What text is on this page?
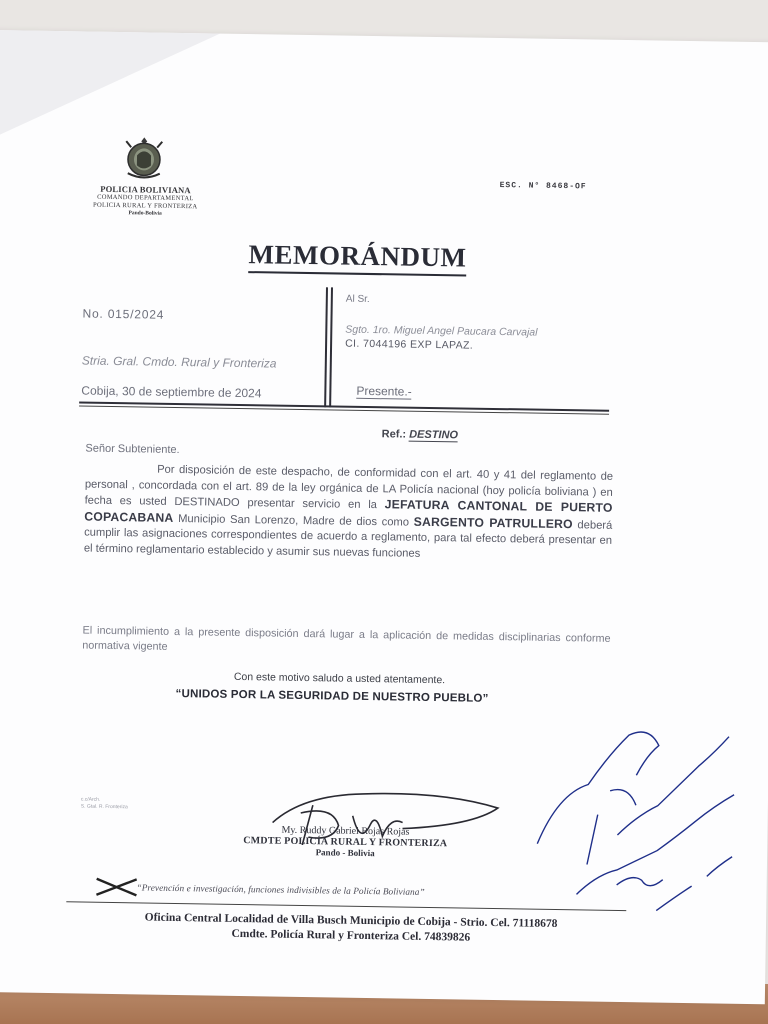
POLICIA BOLIVIANA
COMANDO DEPARTAMENTAL
POLICIA RURAL Y FRONTERIZA
Pando-Bolivia
ESC. N° 8468-OF
MEMORÁNDUM
No. 015/2024
Stria. Gral. Cmdo. Rural y Fronteriza
Cobija, 30 de septiembre de 2024
Al Sr.
Sgto. 1ro. Miguel Angel Paucara Carvajal
CI. 7044196 EXP LAPAZ.
Presente.-
Ref.: DESTINO
Señor Subteniente.

Por disposición de este despacho, de conformidad con el art. 40 y 41 del reglamento de personal , concordada con el art. 89 de la ley orgánica de LA Policía nacional (hoy policía boliviana ) en fecha es usted DESTINADO presentar servicio en la JEFATURA CANTONAL DE PUERTO COPACABANA Municipio San Lorenzo, Madre de dios como SARGENTO PATRULLERO deberá cumplir las asignaciones correspondientes de acuerdo a reglamento, para tal efecto deberá presentar en el término reglamentario establecido y asumir sus nuevas funciones

El incumplimiento a la presente disposición dará lugar a la aplicación de medidas disciplinarias conforme normativa vigente
Con este motivo saludo a usted atentamente.
“UNIDOS POR LA SEGURIDAD DE NUESTRO PUEBLO”
c.c/Arch.
S. Gtal. R. Fronteriza
My. Ruddy Gabriel Rojas Rojas
CMDTE POLICÍA RURAL Y FRONTERIZA
Pando - Bolivia
“Prevención e investigación, funciones indivisibles de la Policía Boliviana”
Oficina Central Localidad de Villa Busch Municipio de Cobija - Strio. Cel. 71118678
Cmdte. Policía Rural y Fronteriza Cel. 74839826
